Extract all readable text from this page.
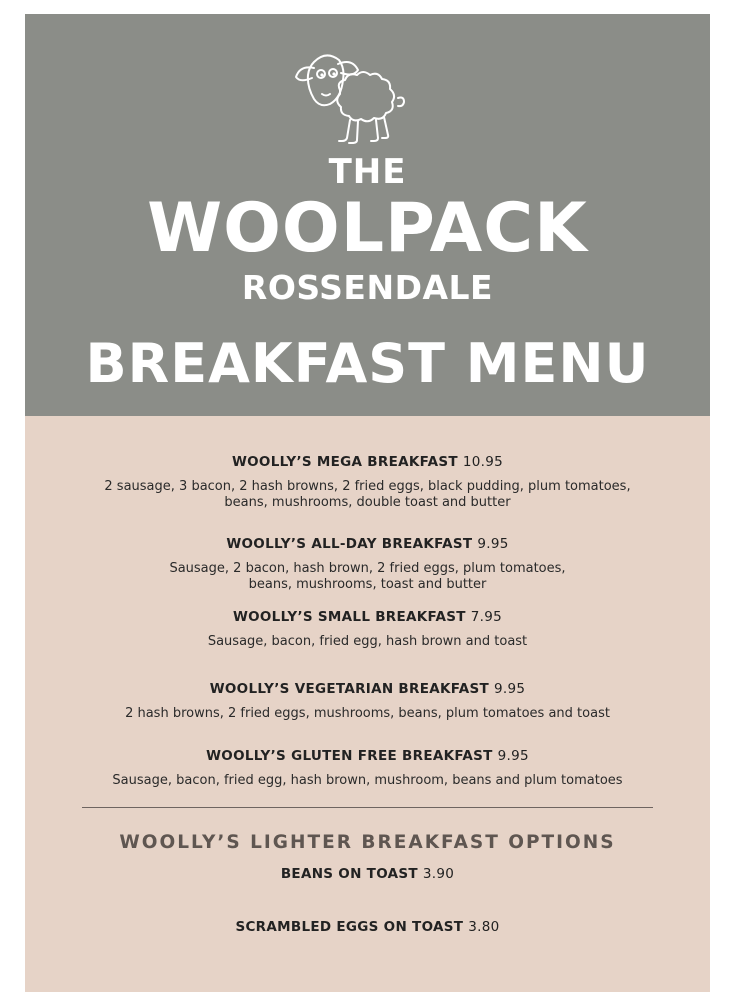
THE
WOOLPACK
ROSSENDALE
BREAKFAST MENU
WOOLLY’S MEGA BREAKFAST 10.95
2 sausage, 3 bacon, 2 hash browns, 2 fried eggs, black pudding, plum tomatoes,
beans, mushrooms, double toast and butter
WOOLLY’S ALL-DAY BREAKFAST 9.95
Sausage, 2 bacon, hash brown, 2 fried eggs, plum tomatoes,
beans, mushrooms, toast and butter
WOOLLY’S SMALL BREAKFAST 7.95
Sausage, bacon, fried egg, hash brown and toast
WOOLLY’S VEGETARIAN BREAKFAST 9.95
2 hash browns, 2 fried eggs, mushrooms, beans, plum tomatoes and toast
WOOLLY’S GLUTEN FREE BREAKFAST 9.95
Sausage, bacon, fried egg, hash brown, mushroom, beans and plum tomatoes
WOOLLY’S LIGHTER BREAKFAST OPTIONS
BEANS ON TOAST 3.90
SCRAMBLED EGGS ON TOAST 3.80
